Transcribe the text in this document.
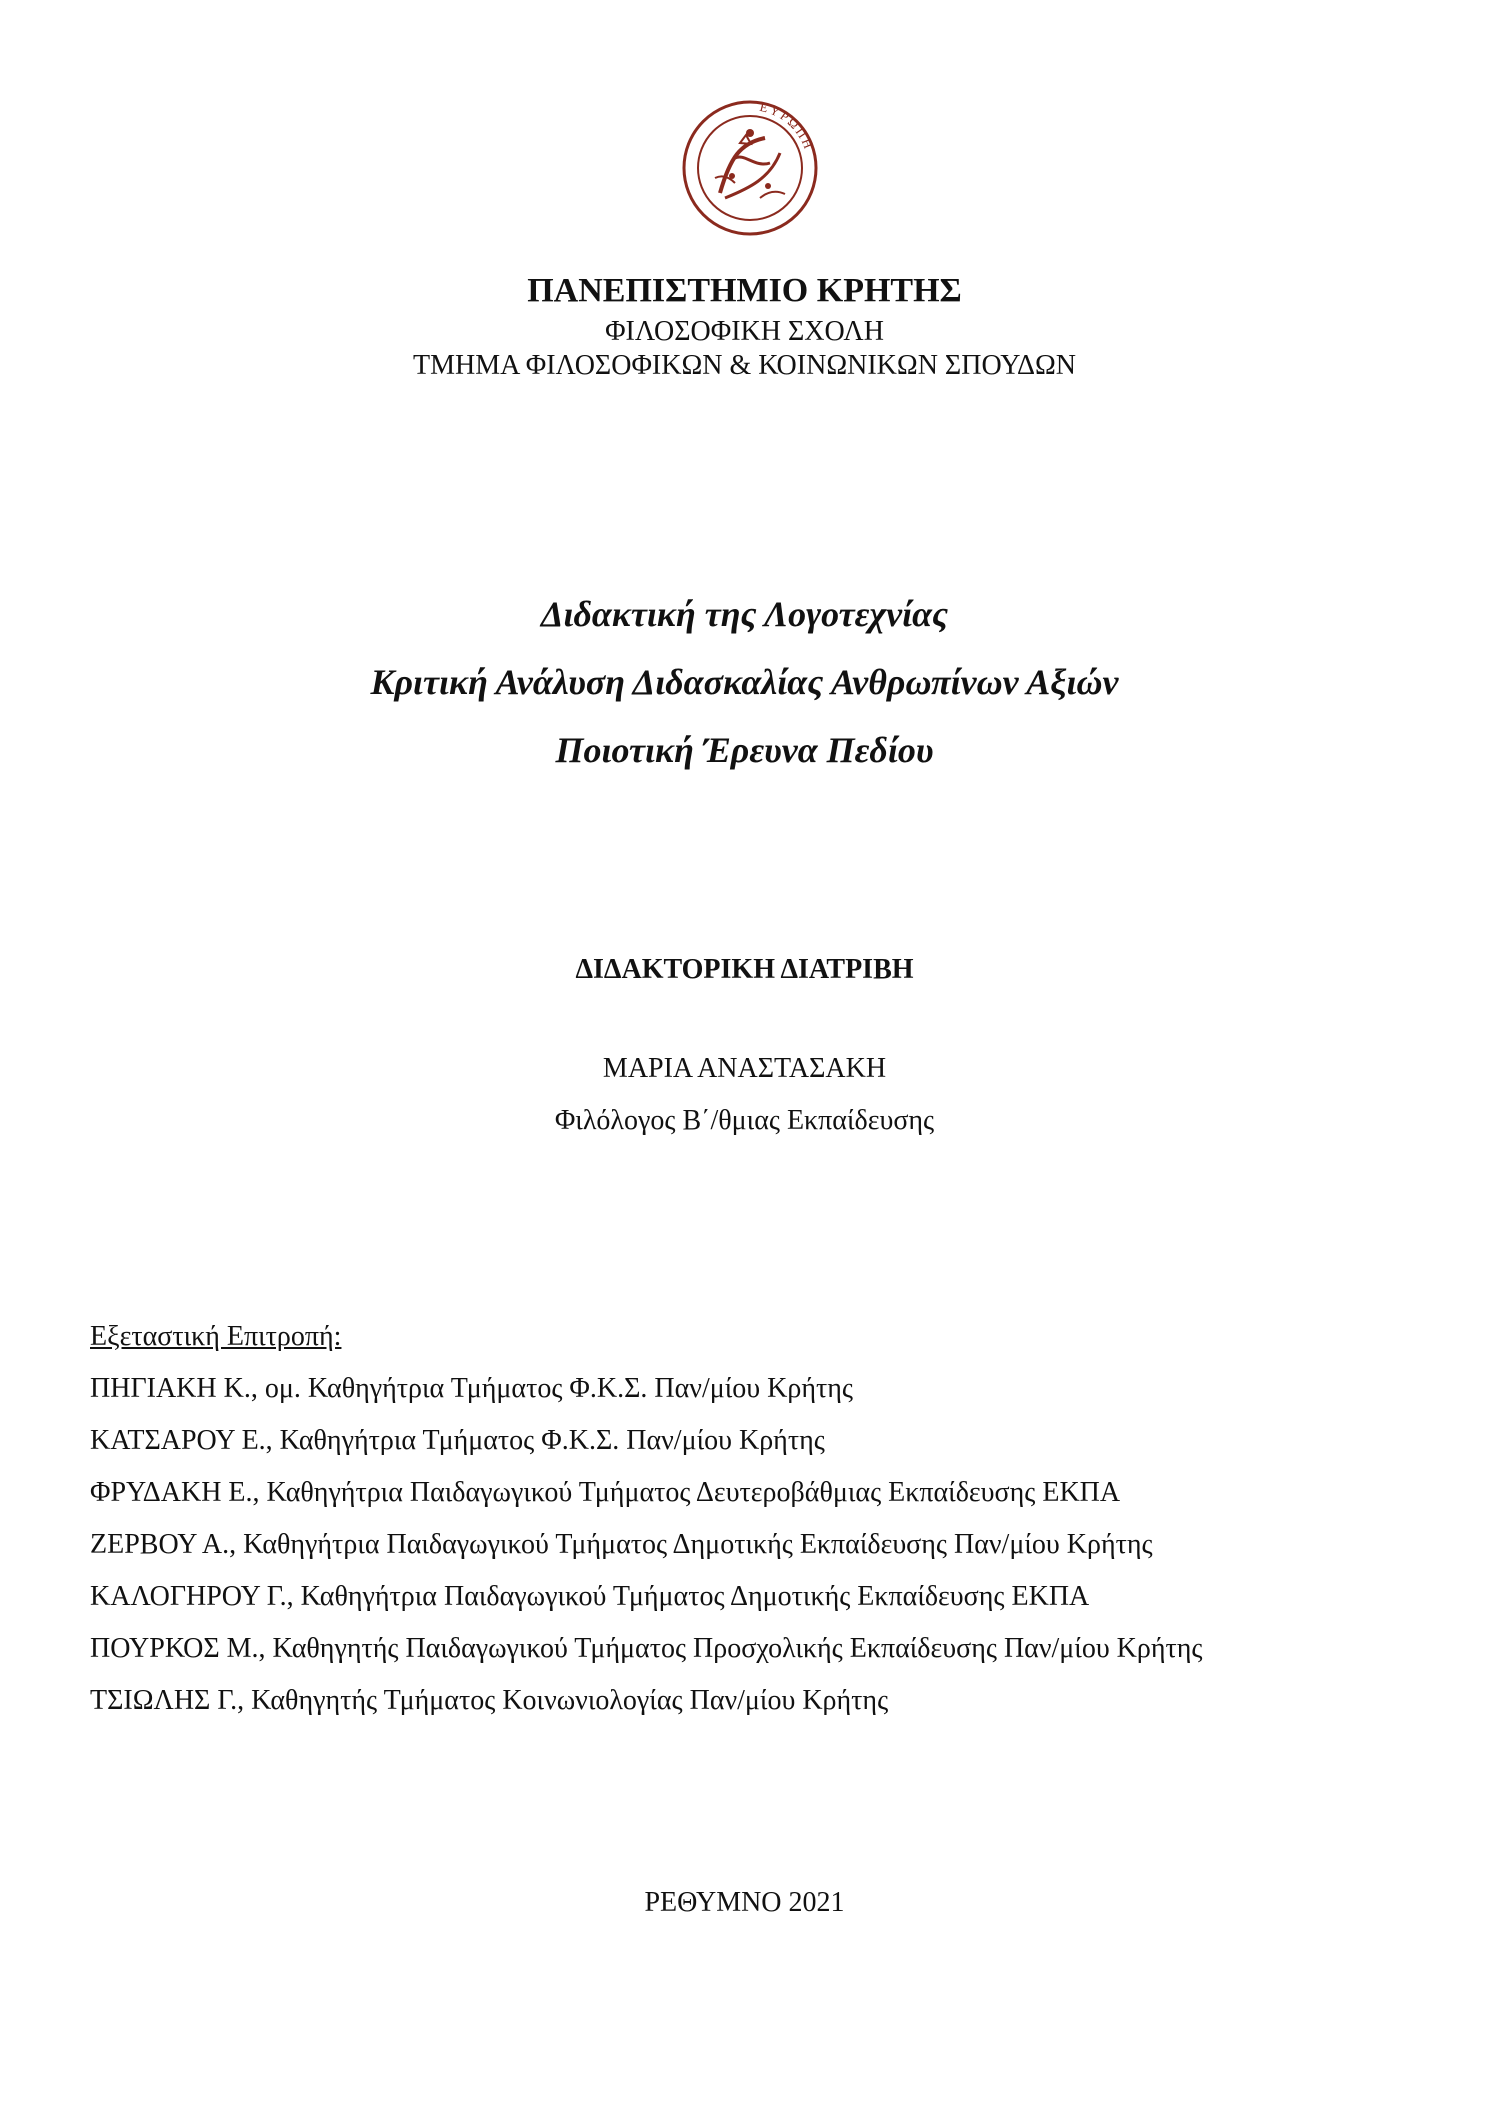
ΕΥΡΩΠΗ
ΠΑΝΕΠΙΣΤΗΜΙΟ ΚΡΗΤΗΣ
ΦΙΛΟΣΟΦΙΚΗ ΣΧΟΛΗ
ΤΜΗΜΑ ΦΙΛΟΣΟΦΙΚΩΝ & ΚΟΙΝΩΝΙΚΩΝ ΣΠΟΥΔΩΝ
Διδακτική της Λογοτεχνίας
Κριτική Ανάλυση Διδασκαλίας Ανθρωπίνων Αξιών
Ποιοτική Έρευνα Πεδίου
ΔΙΔΑΚΤΟΡΙΚΗ ΔΙΑΤΡΙΒΗ
ΜΑΡΙΑ ΑΝΑΣΤΑΣΑΚΗ
Φιλόλογος Β΄/θμιας Εκπαίδευσης
Εξεταστική Επιτροπή:
ΠΗΓΙΑΚΗ Κ., ομ. Καθηγήτρια Τμήματος Φ.Κ.Σ. Παν/μίου Κρήτης
ΚΑΤΣΑΡΟΥ Ε., Καθηγήτρια Τμήματος Φ.Κ.Σ. Παν/μίου Κρήτης
ΦΡΥΔΑΚΗ Ε., Καθηγήτρια Παιδαγωγικού Τμήματος Δευτεροβάθμιας Εκπαίδευσης ΕΚΠΑ
ΖΕΡΒΟΥ Α., Καθηγήτρια Παιδαγωγικού Τμήματος Δημοτικής Εκπαίδευσης Παν/μίου Κρήτης
ΚΑΛΟΓΗΡΟΥ Γ., Καθηγήτρια Παιδαγωγικού Τμήματος Δημοτικής Εκπαίδευσης ΕΚΠΑ
ΠΟΥΡΚΟΣ Μ., Καθηγητής Παιδαγωγικού Τμήματος Προσχολικής Εκπαίδευσης Παν/μίου Κρήτης
ΤΣΙΩΛΗΣ Γ., Καθηγητής Τμήματος Κοινωνιολογίας Παν/μίου Κρήτης
ΡΕΘΥΜΝΟ 2021
